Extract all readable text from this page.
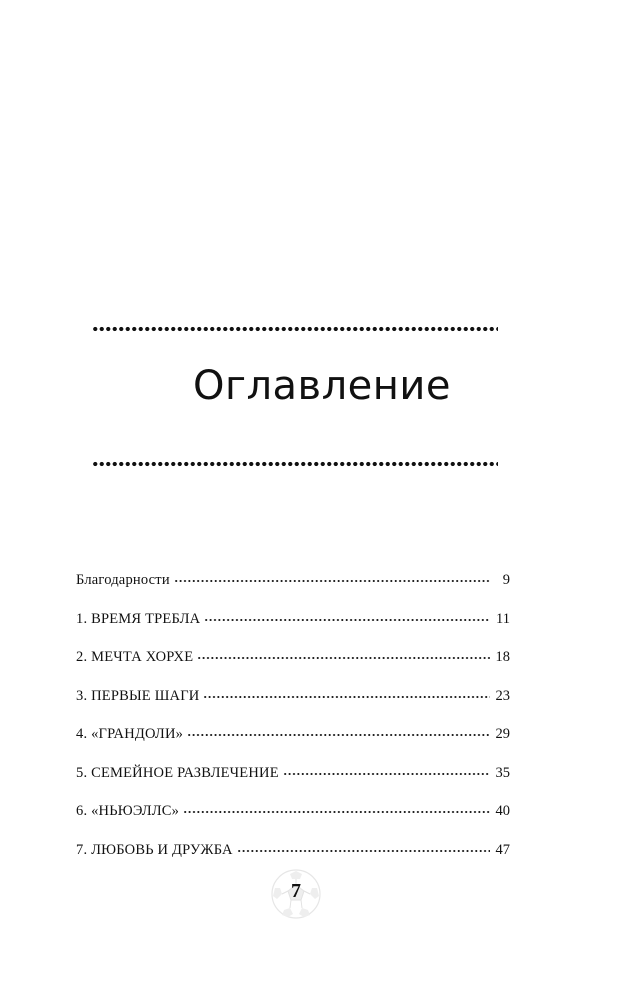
Оглавление
Благодарности	9
1. ВРЕМЯ ТРЕБЛА	11
2. МЕЧТА ХОРХЕ	18
3. ПЕРВЫЕ ШАГИ	23
4. «ГРАНДОЛИ»	29
5. СЕМЕЙНОЕ РАЗВЛЕЧЕНИЕ	35
6. «НЬЮЭЛЛС»	40
7. ЛЮБОВЬ И ДРУЖБА	47
7
